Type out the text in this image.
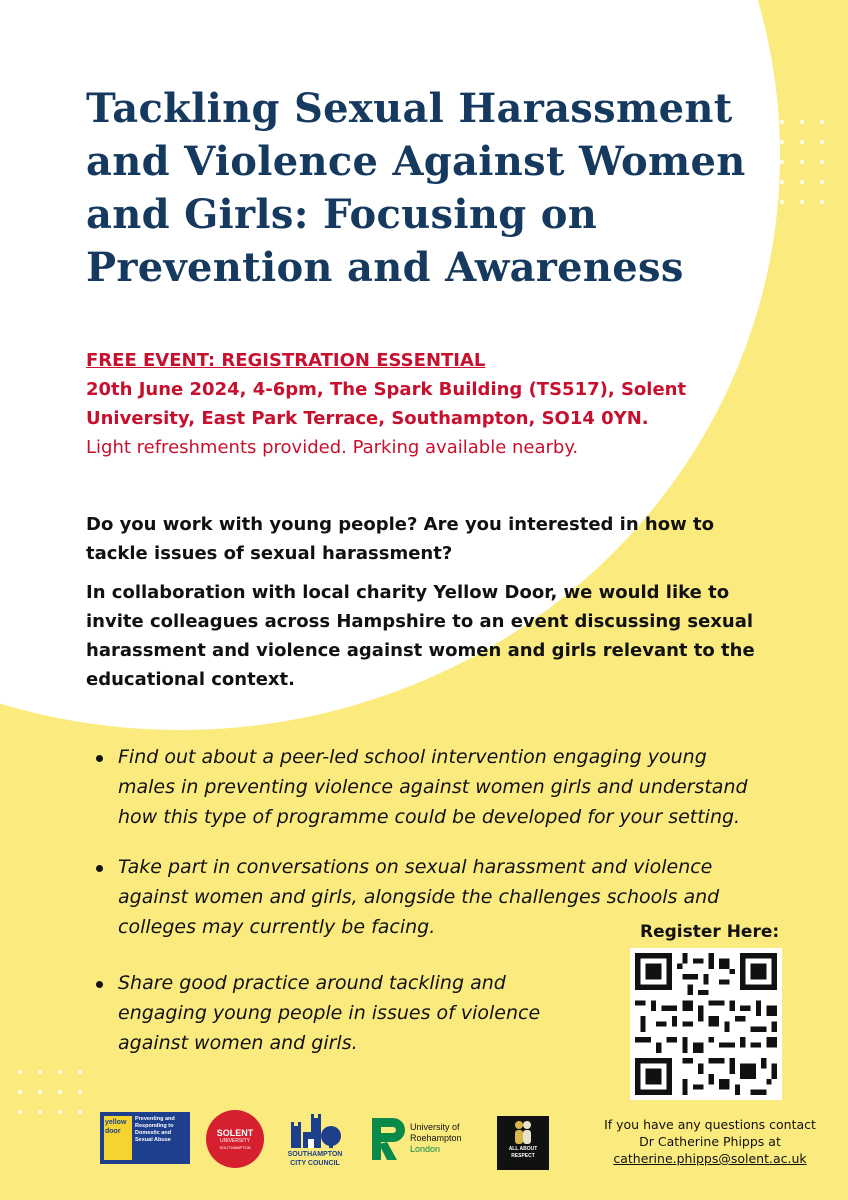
Tackling Sexual Harassment and Violence Against Women and Girls: Focusing on Prevention and Awareness
FREE EVENT: REGISTRATION ESSENTIAL
20th June 2024, 4-6pm, The Spark Building (TS517), Solent University, East Park Terrace, Southampton, SO14 0YN.
Light refreshments provided. Parking available nearby.

Do you work with young people? Are you interested in how to tackle issues of sexual harassment?

In collaboration with local charity Yellow Door, we would like to invite colleagues across Hampshire to an event discussing sexual harassment and violence against women and girls relevant to the educational context.

Find out about a peer-led school intervention engaging young males in preventing violence against women girls and understand how this type of programme could be developed for your setting.
Take part in conversations on sexual harassment and violence against women and girls, alongside the challenges schools and colleges may currently be facing.
Share good practice around tackling and engaging young people in issues of violence against women and girls.
Register Here:
If you have any questions contact
Dr Catherine Phipps at
catherine.phipps@solent.ac.uk
yellow door
Preventing and Responding to Domestic and Sexual Abuse
SOLENT
UNIVERSITY
SOUTHAMPTON
SOUTHAMPTON
CITY COUNCIL
University of
Roehampton
London	ALL ABOUT
RESPECT
